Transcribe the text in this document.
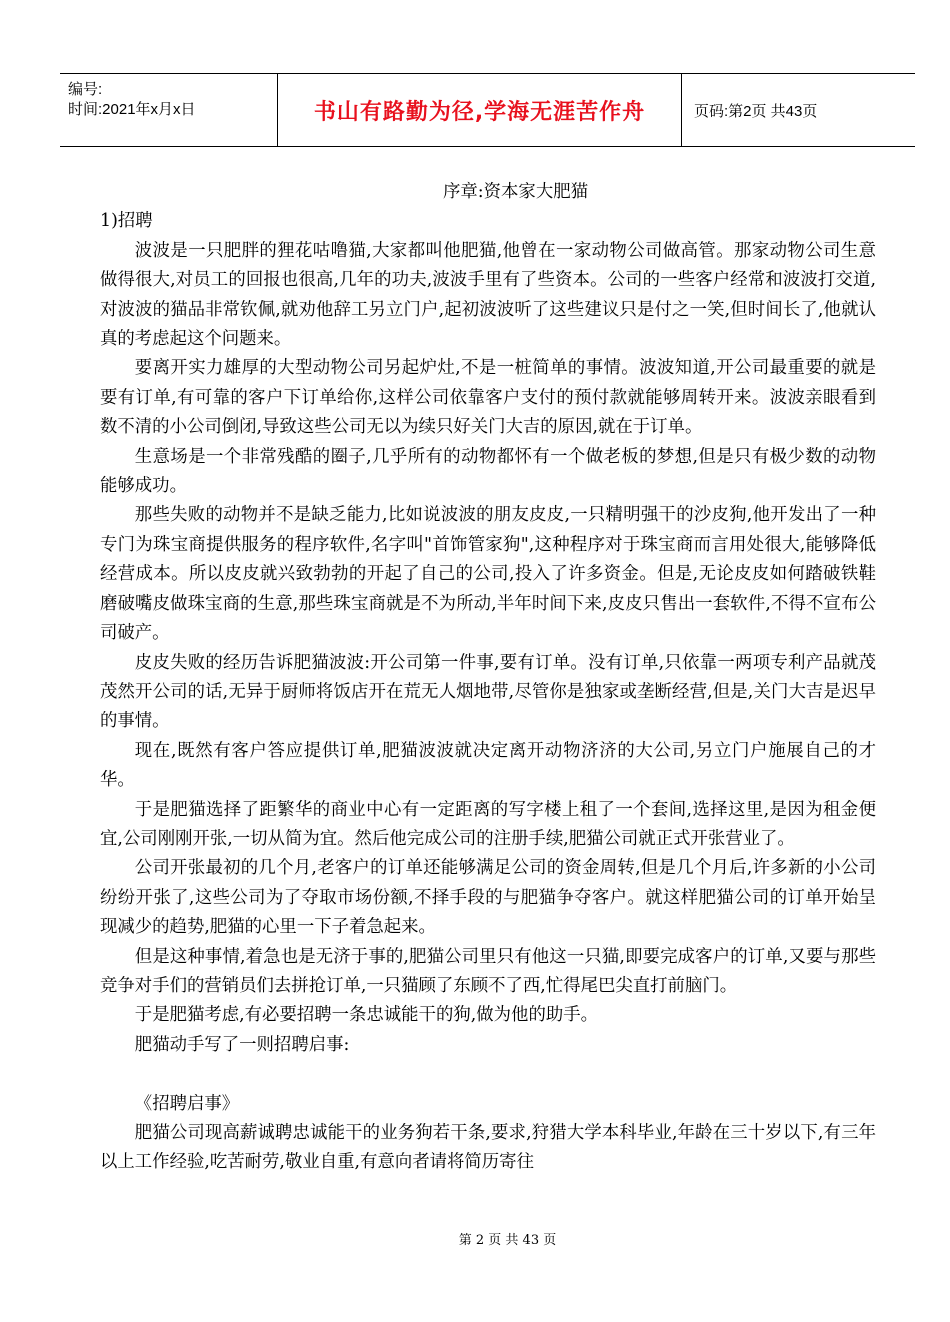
编号:
时间:2021年x月x日	书山有路勤为径,学海无涯苦作舟	页码:第2页 共43页

序章:资本家大肥猫

1)招聘

波波是一只肥胖的狸花咕噜猫,大家都叫他肥猫,他曾在一家动物公司做高管。那家动物公司生意做得很大,对员工的回报也很高,几年的功夫,波波手里有了些资本。公司的一些客户经常和波波打交道,对波波的猫品非常钦佩,就劝他辞工另立门户,起初波波听了这些建议只是付之一笑,但时间长了,他就认真的考虑起这个问题来。

要离开实力雄厚的大型动物公司另起炉灶,不是一桩简单的事情。波波知道,开公司最重要的就是要有订单,有可靠的客户下订单给你,这样公司依靠客户支付的预付款就能够周转开来。波波亲眼看到数不清的小公司倒闭,导致这些公司无以为续只好关门大吉的原因,就在于订单。

生意场是一个非常残酷的圈子,几乎所有的动物都怀有一个做老板的梦想,但是只有极少数的动物能够成功。

那些失败的动物并不是缺乏能力,比如说波波的朋友皮皮,一只精明强干的沙皮狗,他开发出了一种专门为珠宝商提供服务的程序软件,名字叫"首饰管家狗",这种程序对于珠宝商而言用处很大,能够降低经营成本。所以皮皮就兴致勃勃的开起了自己的公司,投入了许多资金。但是,无论皮皮如何踏破铁鞋磨破嘴皮做珠宝商的生意,那些珠宝商就是不为所动,半年时间下来,皮皮只售出一套软件,不得不宣布公司破产。

皮皮失败的经历告诉肥猫波波:开公司第一件事,要有订单。没有订单,只依靠一两项专利产品就茂茂然开公司的话,无异于厨师将饭店开在荒无人烟地带,尽管你是独家或垄断经营,但是,关门大吉是迟早的事情。

现在,既然有客户答应提供订单,肥猫波波就决定离开动物济济的大公司,另立门户施展自己的才华。

于是肥猫选择了距繁华的商业中心有一定距离的写字楼上租了一个套间,选择这里,是因为租金便宜,公司刚刚开张,一切从简为宜。然后他完成公司的注册手续,肥猫公司就正式开张营业了。

公司开张最初的几个月,老客户的订单还能够满足公司的资金周转,但是几个月后,许多新的小公司纷纷开张了,这些公司为了夺取市场份额,不择手段的与肥猫争夺客户。就这样肥猫公司的订单开始呈现减少的趋势,肥猫的心里一下子着急起来。

但是这种事情,着急也是无济于事的,肥猫公司里只有他这一只猫,即要完成客户的订单,又要与那些竞争对手们的营销员们去拼抢订单,一只猫顾了东顾不了西,忙得尾巴尖直打前脑门。

于是肥猫考虑,有必要招聘一条忠诚能干的狗,做为他的助手。

肥猫动手写了一则招聘启事:

《招聘启事》

肥猫公司现高薪诚聘忠诚能干的业务狗若干条,要求,狩猎大学本科毕业,年龄在三十岁以下,有三年以上工作经验,吃苦耐劳,敬业自重,有意向者请将简历寄往

第 2 页 共 43 页
